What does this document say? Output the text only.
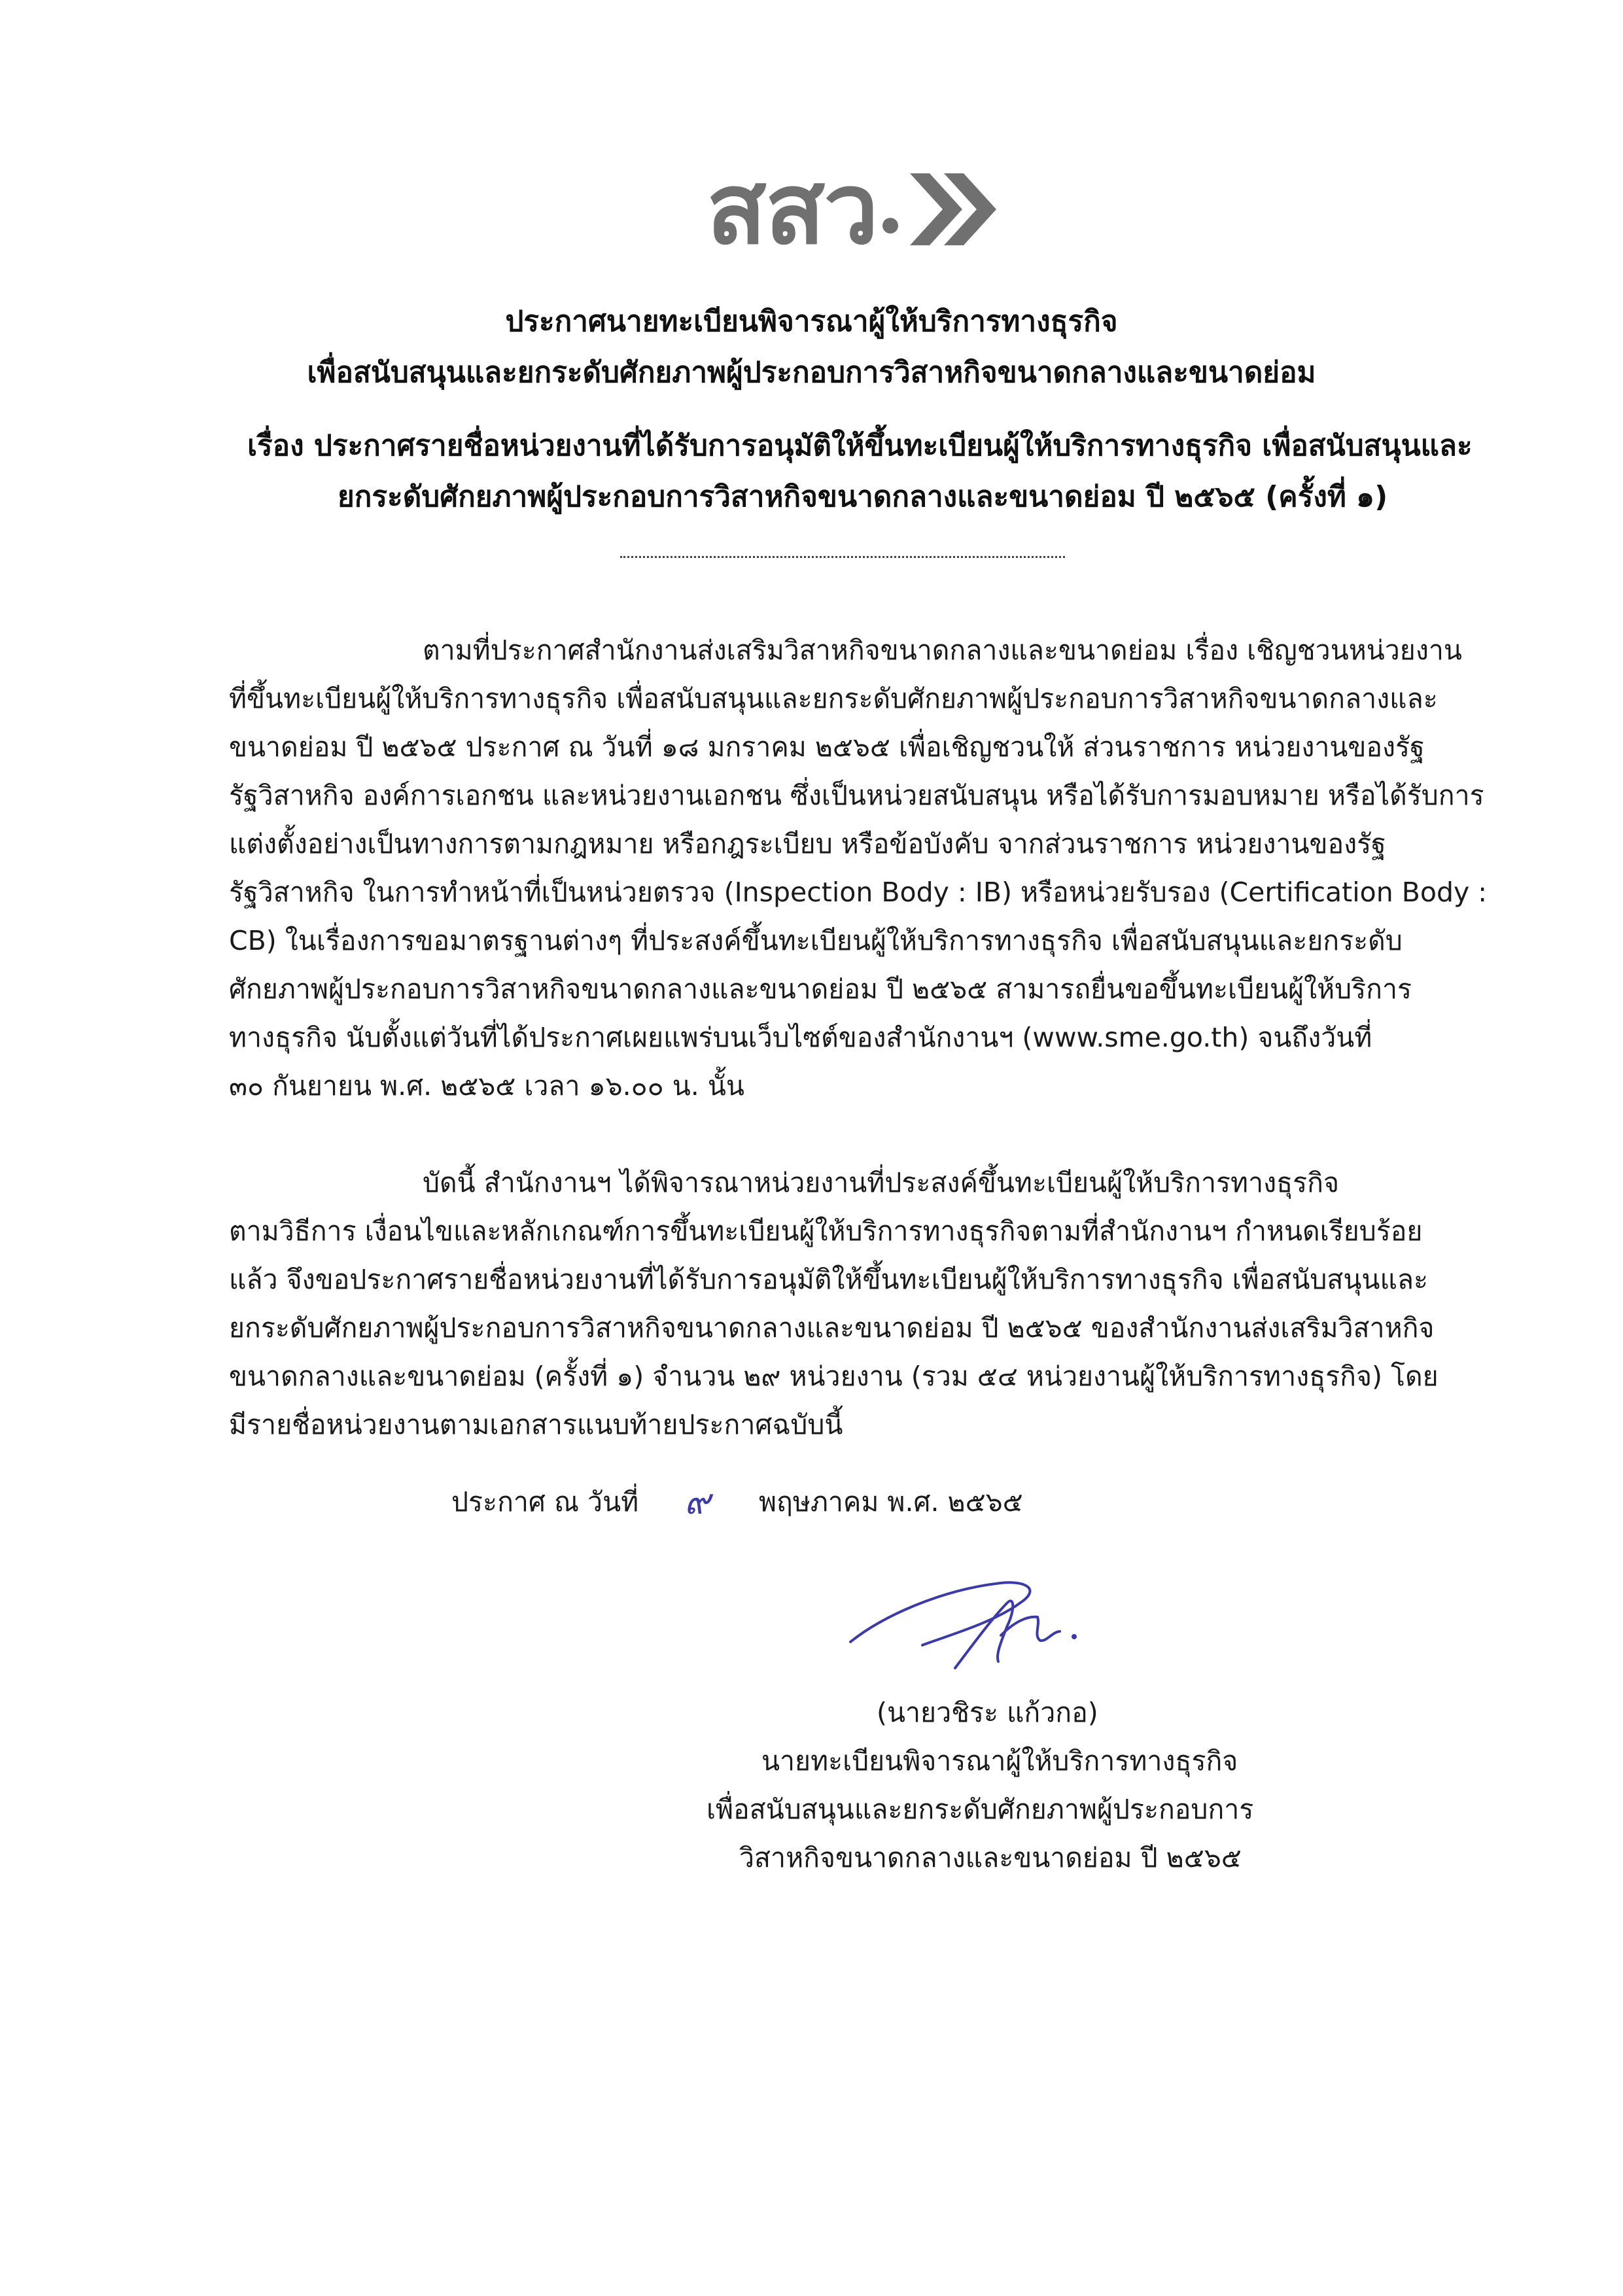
สสว
ประกาศนายทะเบียนพิจารณาผู้ให้บริการทางธุรกิจ
เพื่อสนับสนุนและยกระดับศักยภาพผู้ประกอบการวิสาหกิจขนาดกลางและขนาดย่อม
เรื่อง ประกาศรายชื่อหน่วยงานที่ได้รับการอนุมัติให้ขึ้นทะเบียนผู้ให้บริการทางธุรกิจ เพื่อสนับสนุนและ
ยกระดับศักยภาพผู้ประกอบการวิสาหกิจขนาดกลางและขนาดย่อม ปี ๒๕๖๕ (ครั้งที่ ๑)
ตามที่ประกาศสำนักงานส่งเสริมวิสาหกิจขนาดกลางและขนาดย่อม เรื่อง เชิญชวนหน่วยงาน
ที่ขึ้นทะเบียนผู้ให้บริการทางธุรกิจ เพื่อสนับสนุนและยกระดับศักยภาพผู้ประกอบการวิสาหกิจขนาดกลางและ
ขนาดย่อม ปี ๒๕๖๕ ประกาศ ณ วันที่ ๑๘ มกราคม ๒๕๖๕ เพื่อเชิญชวนให้ ส่วนราชการ หน่วยงานของรัฐ
รัฐวิสาหกิจ องค์การเอกชน และหน่วยงานเอกชน ซึ่งเป็นหน่วยสนับสนุน หรือได้รับการมอบหมาย หรือได้รับการ
แต่งตั้งอย่างเป็นทางการตามกฎหมาย หรือกฎระเบียบ หรือข้อบังคับ จากส่วนราชการ หน่วยงานของรัฐ
รัฐวิสาหกิจ ในการทำหน้าที่เป็นหน่วยตรวจ (Inspection Body : IB) หรือหน่วยรับรอง (Certification Body :
CB) ในเรื่องการขอมาตรฐานต่างๆ ที่ประสงค์ขึ้นทะเบียนผู้ให้บริการทางธุรกิจ เพื่อสนับสนุนและยกระดับ
ศักยภาพผู้ประกอบการวิสาหกิจขนาดกลางและขนาดย่อม ปี ๒๕๖๕ สามารถยื่นขอขึ้นทะเบียนผู้ให้บริการ
ทางธุรกิจ นับตั้งแต่วันที่ได้ประกาศเผยแพร่บนเว็บไซต์ของสำนักงานฯ (www.sme.go.th) จนถึงวันที่
๓๐ กันยายน พ.ศ. ๒๕๖๕ เวลา ๑๖.๐๐ น. นั้น
บัดนี้ สำนักงานฯ ได้พิจารณาหน่วยงานที่ประสงค์ขึ้นทะเบียนผู้ให้บริการทางธุรกิจ
ตามวิธีการ เงื่อนไขและหลักเกณฑ์การขึ้นทะเบียนผู้ให้บริการทางธุรกิจตามที่สำนักงานฯ กำหนดเรียบร้อย
แล้ว จึงขอประกาศรายชื่อหน่วยงานที่ได้รับการอนุมัติให้ขึ้นทะเบียนผู้ให้บริการทางธุรกิจ เพื่อสนับสนุนและ
ยกระดับศักยภาพผู้ประกอบการวิสาหกิจขนาดกลางและขนาดย่อม ปี ๒๕๖๕ ของสำนักงานส่งเสริมวิสาหกิจ
ขนาดกลางและขนาดย่อม (ครั้งที่ ๑) จำนวน ๒๙ หน่วยงาน (รวม ๕๔ หน่วยงานผู้ให้บริการทางธุรกิจ) โดย
มีรายชื่อหน่วยงานตามเอกสารแนบท้ายประกาศฉบับนี้
ประกาศ ณ วันที่ ๙ พฤษภาคม พ.ศ. ๒๕๖๕
(นายวชิระ แก้วกอ)
นายทะเบียนพิจารณาผู้ให้บริการทางธุรกิจ
เพื่อสนับสนุนและยกระดับศักยภาพผู้ประกอบการ
วิสาหกิจขนาดกลางและขนาดย่อม ปี ๒๕๖๕
